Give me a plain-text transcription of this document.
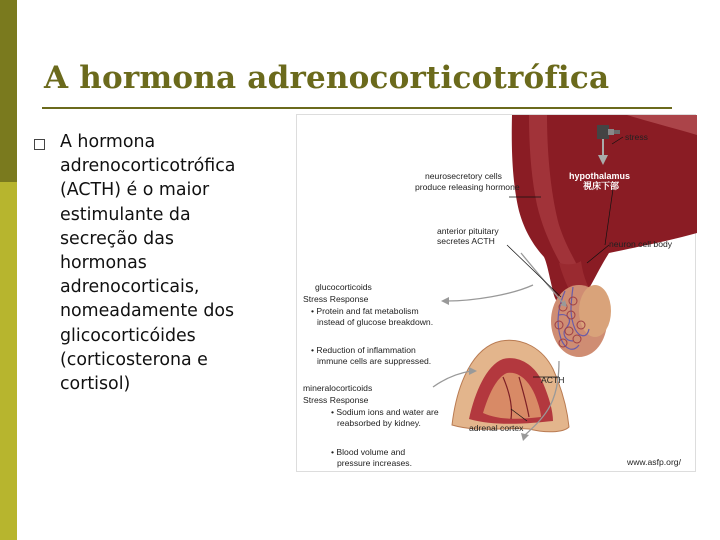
A hormona adrenocorticotrófica

A hormona
adrenocorticotrófica
(ACTH) é o maior
estimulante da
secreção das
hormonas
adrenocorticais,
nomeadamente dos
glicocorticóides
(corticosterona e
cortisol)

stress
hypothalamus
視床下部
neurosecretory cells
produce releasing hormone
anterior pituitary
secretes ACTH	neuron cell body
glucocorticoids
Stress Response
• Protein and fat metabolism
instead of glucose breakdown.
• Reduction of inflammation
immune cells are suppressed.
ACTH
mineralocorticoids
Stress Response
• Sodium ions and water are
reabsorbed by kidney.	adrenal cortex
• Blood volume and
pressure increases.	www.asfp.org/
